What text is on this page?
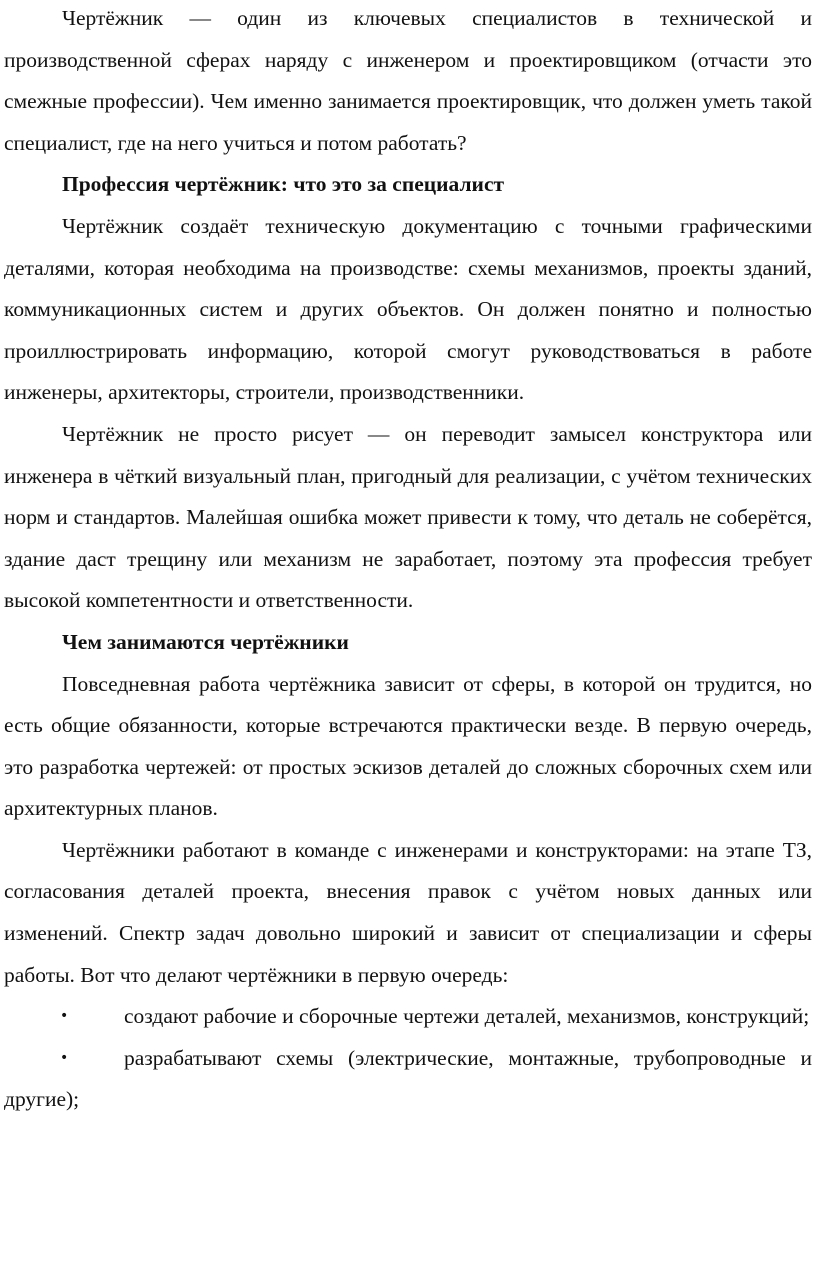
Чертёжник — один из ключевых специалистов в технической и производственной сферах наряду с инженером и проектировщиком (отчасти это смежные профессии). Чем именно занимается проектировщик, что должен уметь такой специалист, где на него учиться и потом работать?

Профессия чертёжник: что это за специалист

Чертёжник создаёт техническую документацию с точными графическими деталями, которая необходима на производстве: схемы механизмов, проекты зданий, коммуникационных систем и других объектов. Он должен понятно и полностью проиллюстрировать информацию, которой смогут руководствоваться в работе инженеры, архитекторы, строители, производственники.

Чертёжник не просто рисует — он переводит замысел конструктора или инженера в чёткий визуальный план, пригодный для реализации, с учётом технических норм и стандартов. Малейшая ошибка может привести к тому, что деталь не соберётся, здание даст трещину или механизм не заработает, поэтому эта профессия требует высокой компетентности и ответственности.

Чем занимаются чертёжники

Повседневная работа чертёжника зависит от сферы, в которой он трудится, но есть общие обязанности, которые встречаются практически везде. В первую очередь, это разработка чертежей: от простых эскизов деталей до сложных сборочных схем или архитектурных планов.

Чертёжники работают в команде с инженерами и конструкторами: на этапе ТЗ, согласования деталей проекта, внесения правок с учётом новых данных или изменений. Спектр задач довольно широкий и зависит от специализации и сферы работы. Вот что делают чертёжники в первую очередь:

•	создают рабочие и сборочные чертежи деталей, механизмов, конструкций;
•	разрабатывают схемы (электрические, монтажные, трубопроводные и другие);
